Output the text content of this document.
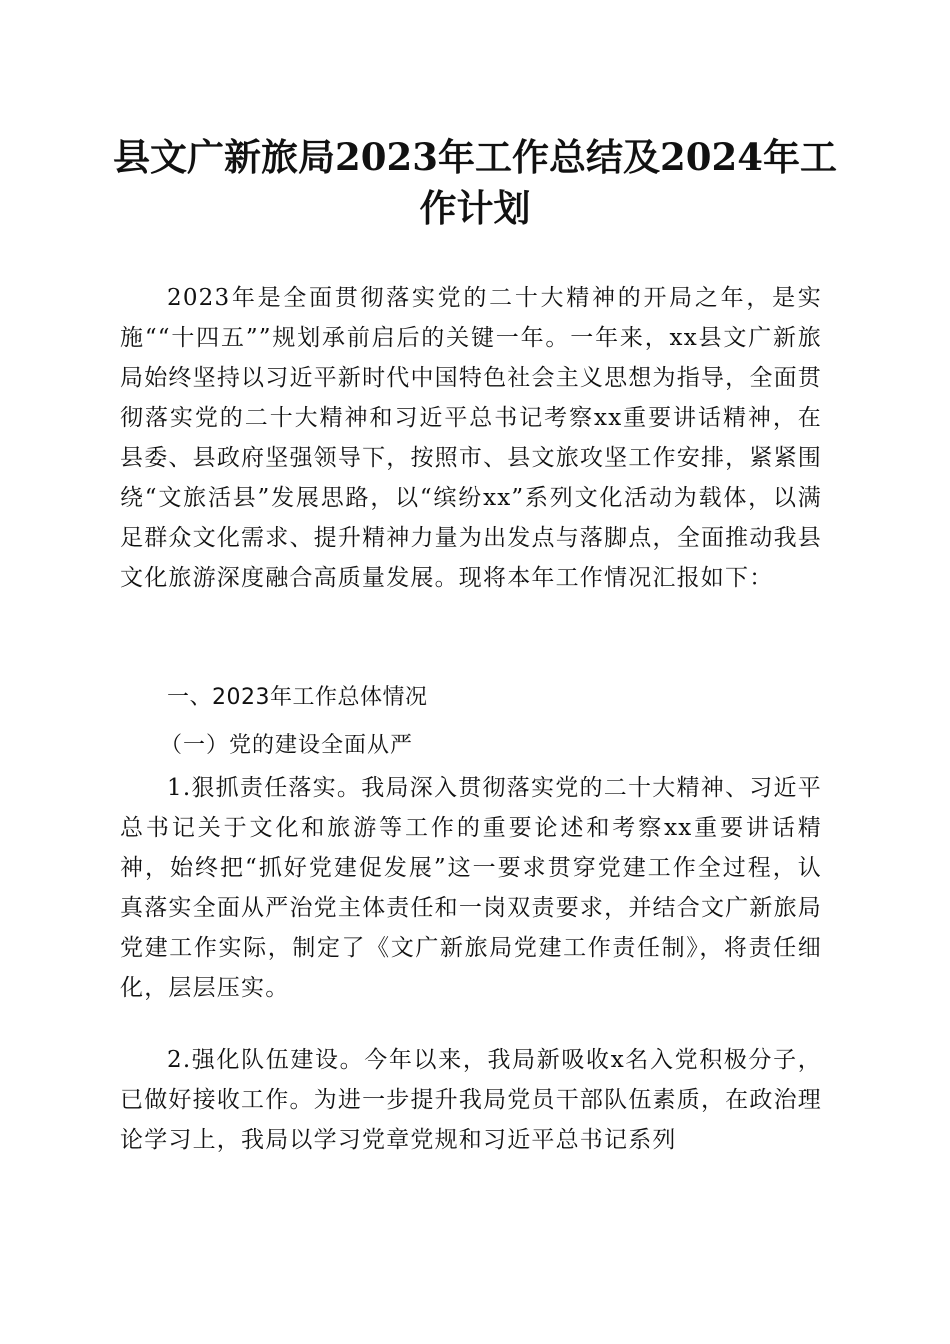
县文广新旅局2023年工作总结及2024年工作计划

2023年是全面贯彻落实党的二十大精神的开局之年，是实施““十四五””规划承前启后的关键一年。一年来，xx县文广新旅局始终坚持以习近平新时代中国特色社会主义思想为指导，全面贯彻落实党的二十大精神和习近平总书记考察xx重要讲话精神，在县委、县政府坚强领导下，按照市、县文旅攻坚工作安排，紧紧围绕“文旅活县”发展思路，以“缤纷xx”系列文化活动为载体，以满足群众文化需求、提升精神力量为出发点与落脚点，全面推动我县文化旅游深度融合高质量发展。现将本年工作情况汇报如下：

一、2023年工作总体情况
（一）党的建设全面从严

1.狠抓责任落实。我局深入贯彻落实党的二十大精神、习近平总书记关于文化和旅游等工作的重要论述和考察xx重要讲话精神，始终把“抓好党建促发展”这一要求贯穿党建工作全过程，认真落实全面从严治党主体责任和一岗双责要求，并结合文广新旅局党建工作实际，制定了《文广新旅局党建工作责任制》，将责任细化，层层压实。

2.强化队伍建设。今年以来，我局新吸收x名入党积极分子，已做好接收工作。为进一步提升我局党员干部队伍素质，在政治理论学习上，我局以学习党章党规和习近平总书记系列
